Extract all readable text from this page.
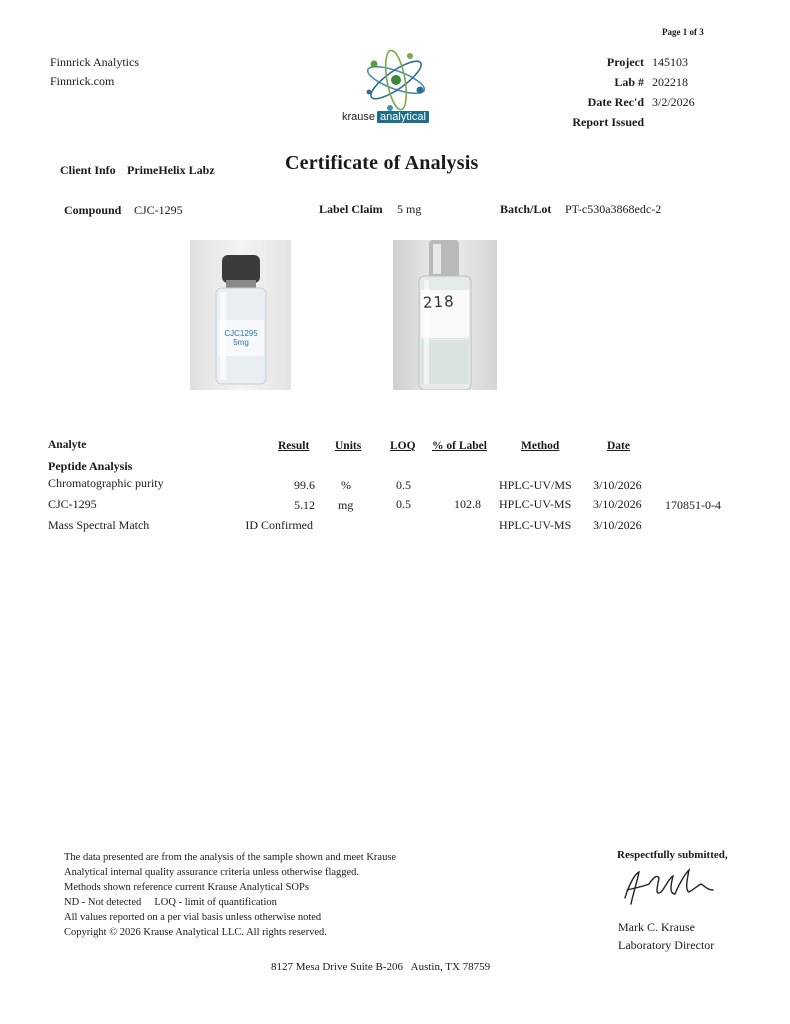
Page 1 of 3
Finnrick Analytics
Finnrick.com
krause analytical
Project 145103
Lab # 202218
Date Rec'd 3/2/2026
Report Issued
Client Info PrimeHelix Labz	Certificate of Analysis
Compound CJC-1295	Label Claim 5 mg	Batch/Lot PT-c530a3868edc-2
CJC1295
5mg
218
Analyte	Result Units	LOQ % of Label	Method	Date
Peptide Analysis
Chromatographic purity	99.6 %	0.5	HPLC-UV/MS 3/10/2026
CJC-1295	5.12 mg	0.5	102.8 HPLC-UV-MS 3/10/2026 170851-0-4
Mass Spectral Match	ID Confirmed	HPLC-UV-MS 3/10/2026
The data presented are from the analysis of the sample shown and meet Krause
Analytical internal quality assurance criteria unless otherwise flagged.
Methods shown reference current Krause Analytical SOPs
ND - Not detected     LOQ - limit of quantification
All values reported on a per vial basis unless otherwise noted
Copyright © 2026 Krause Analytical LLC. All rights reserved.
Respectfully submitted,
Mark C. Krause
Laboratory Director
8127 Mesa Drive Suite B-206   Austin, TX 78759
